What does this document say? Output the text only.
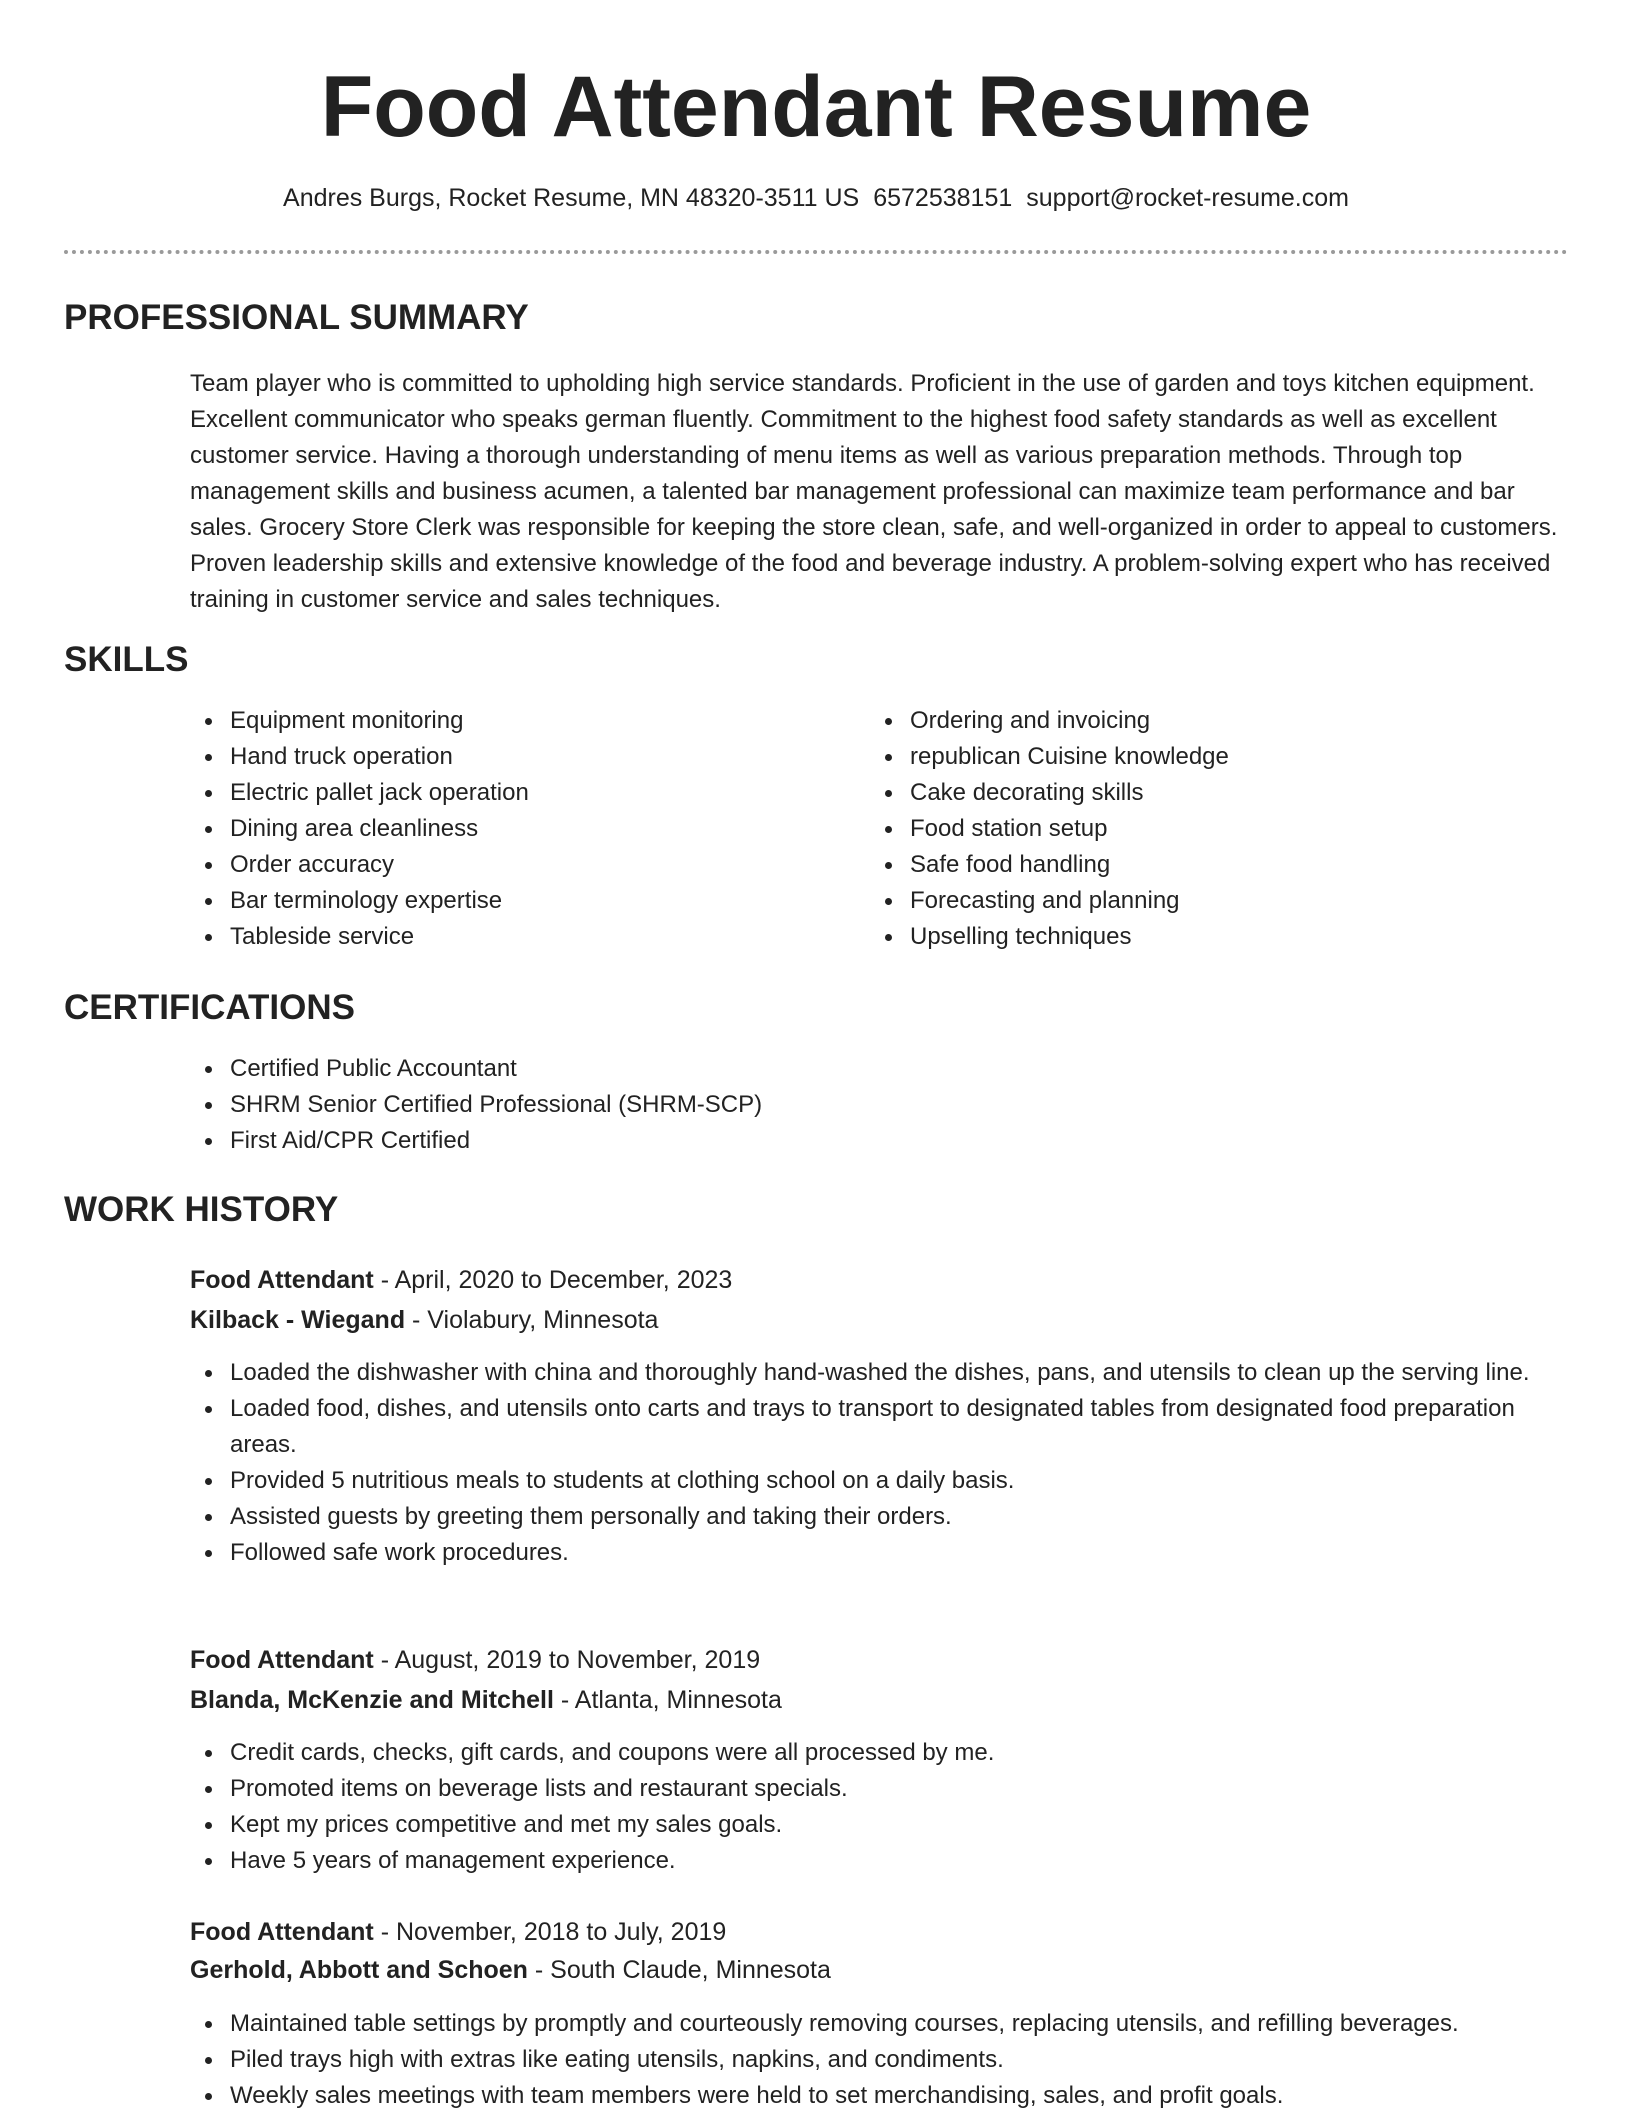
Food Attendant Resume
Andres Burgs, Rocket Resume, MN 48320-3511 US 6572538151 support@rocket-resume.com
PROFESSIONAL SUMMARY

Team player who is committed to upholding high service standards. Proficient in the use of garden and toys kitchen equipment. Excellent communicator who speaks german fluently. Commitment to the highest food safety standards as well as excellent customer service. Having a thorough understanding of menu items as well as various preparation methods. Through top management skills and business acumen, a talented bar management professional can maximize team performance and bar sales. Grocery Store Clerk was responsible for keeping the store clean, safe, and well-organized in order to appeal to customers. Proven leadership skills and extensive knowledge of the food and beverage industry. A problem-solving expert who has received training in customer service and sales techniques.

SKILLS
Equipment monitoring
Hand truck operation
Electric pallet jack operation
Dining area cleanliness
Order accuracy
Bar terminology expertise
Tableside service
Ordering and invoicing
republican Cuisine knowledge
Cake decorating skills
Food station setup
Safe food handling
Forecasting and planning
Upselling techniques
CERTIFICATIONS
Certified Public Accountant
SHRM Senior Certified Professional (SHRM-SCP)
First Aid/CPR Certified
WORK HISTORY
Food Attendant - April, 2020 to December, 2023
Kilback - Wiegand - Violabury, Minnesota
Loaded the dishwasher with china and thoroughly hand-washed the dishes, pans, and utensils to clean up the serving line.
Loaded food, dishes, and utensils onto carts and trays to transport to designated tables from designated food preparation areas.
Provided 5 nutritious meals to students at clothing school on a daily basis.
Assisted guests by greeting them personally and taking their orders.
Followed safe work procedures.
Food Attendant - August, 2019 to November, 2019
Blanda, McKenzie and Mitchell - Atlanta, Minnesota
Credit cards, checks, gift cards, and coupons were all processed by me.
Promoted items on beverage lists and restaurant specials.
Kept my prices competitive and met my sales goals.
Have 5 years of management experience.
Food Attendant - November, 2018 to July, 2019
Gerhold, Abbott and Schoen - South Claude, Minnesota
Maintained table settings by promptly and courteously removing courses, replacing utensils, and refilling beverages.
Piled trays high with extras like eating utensils, napkins, and condiments.
Weekly sales meetings with team members were held to set merchandising, sales, and profit goals.
